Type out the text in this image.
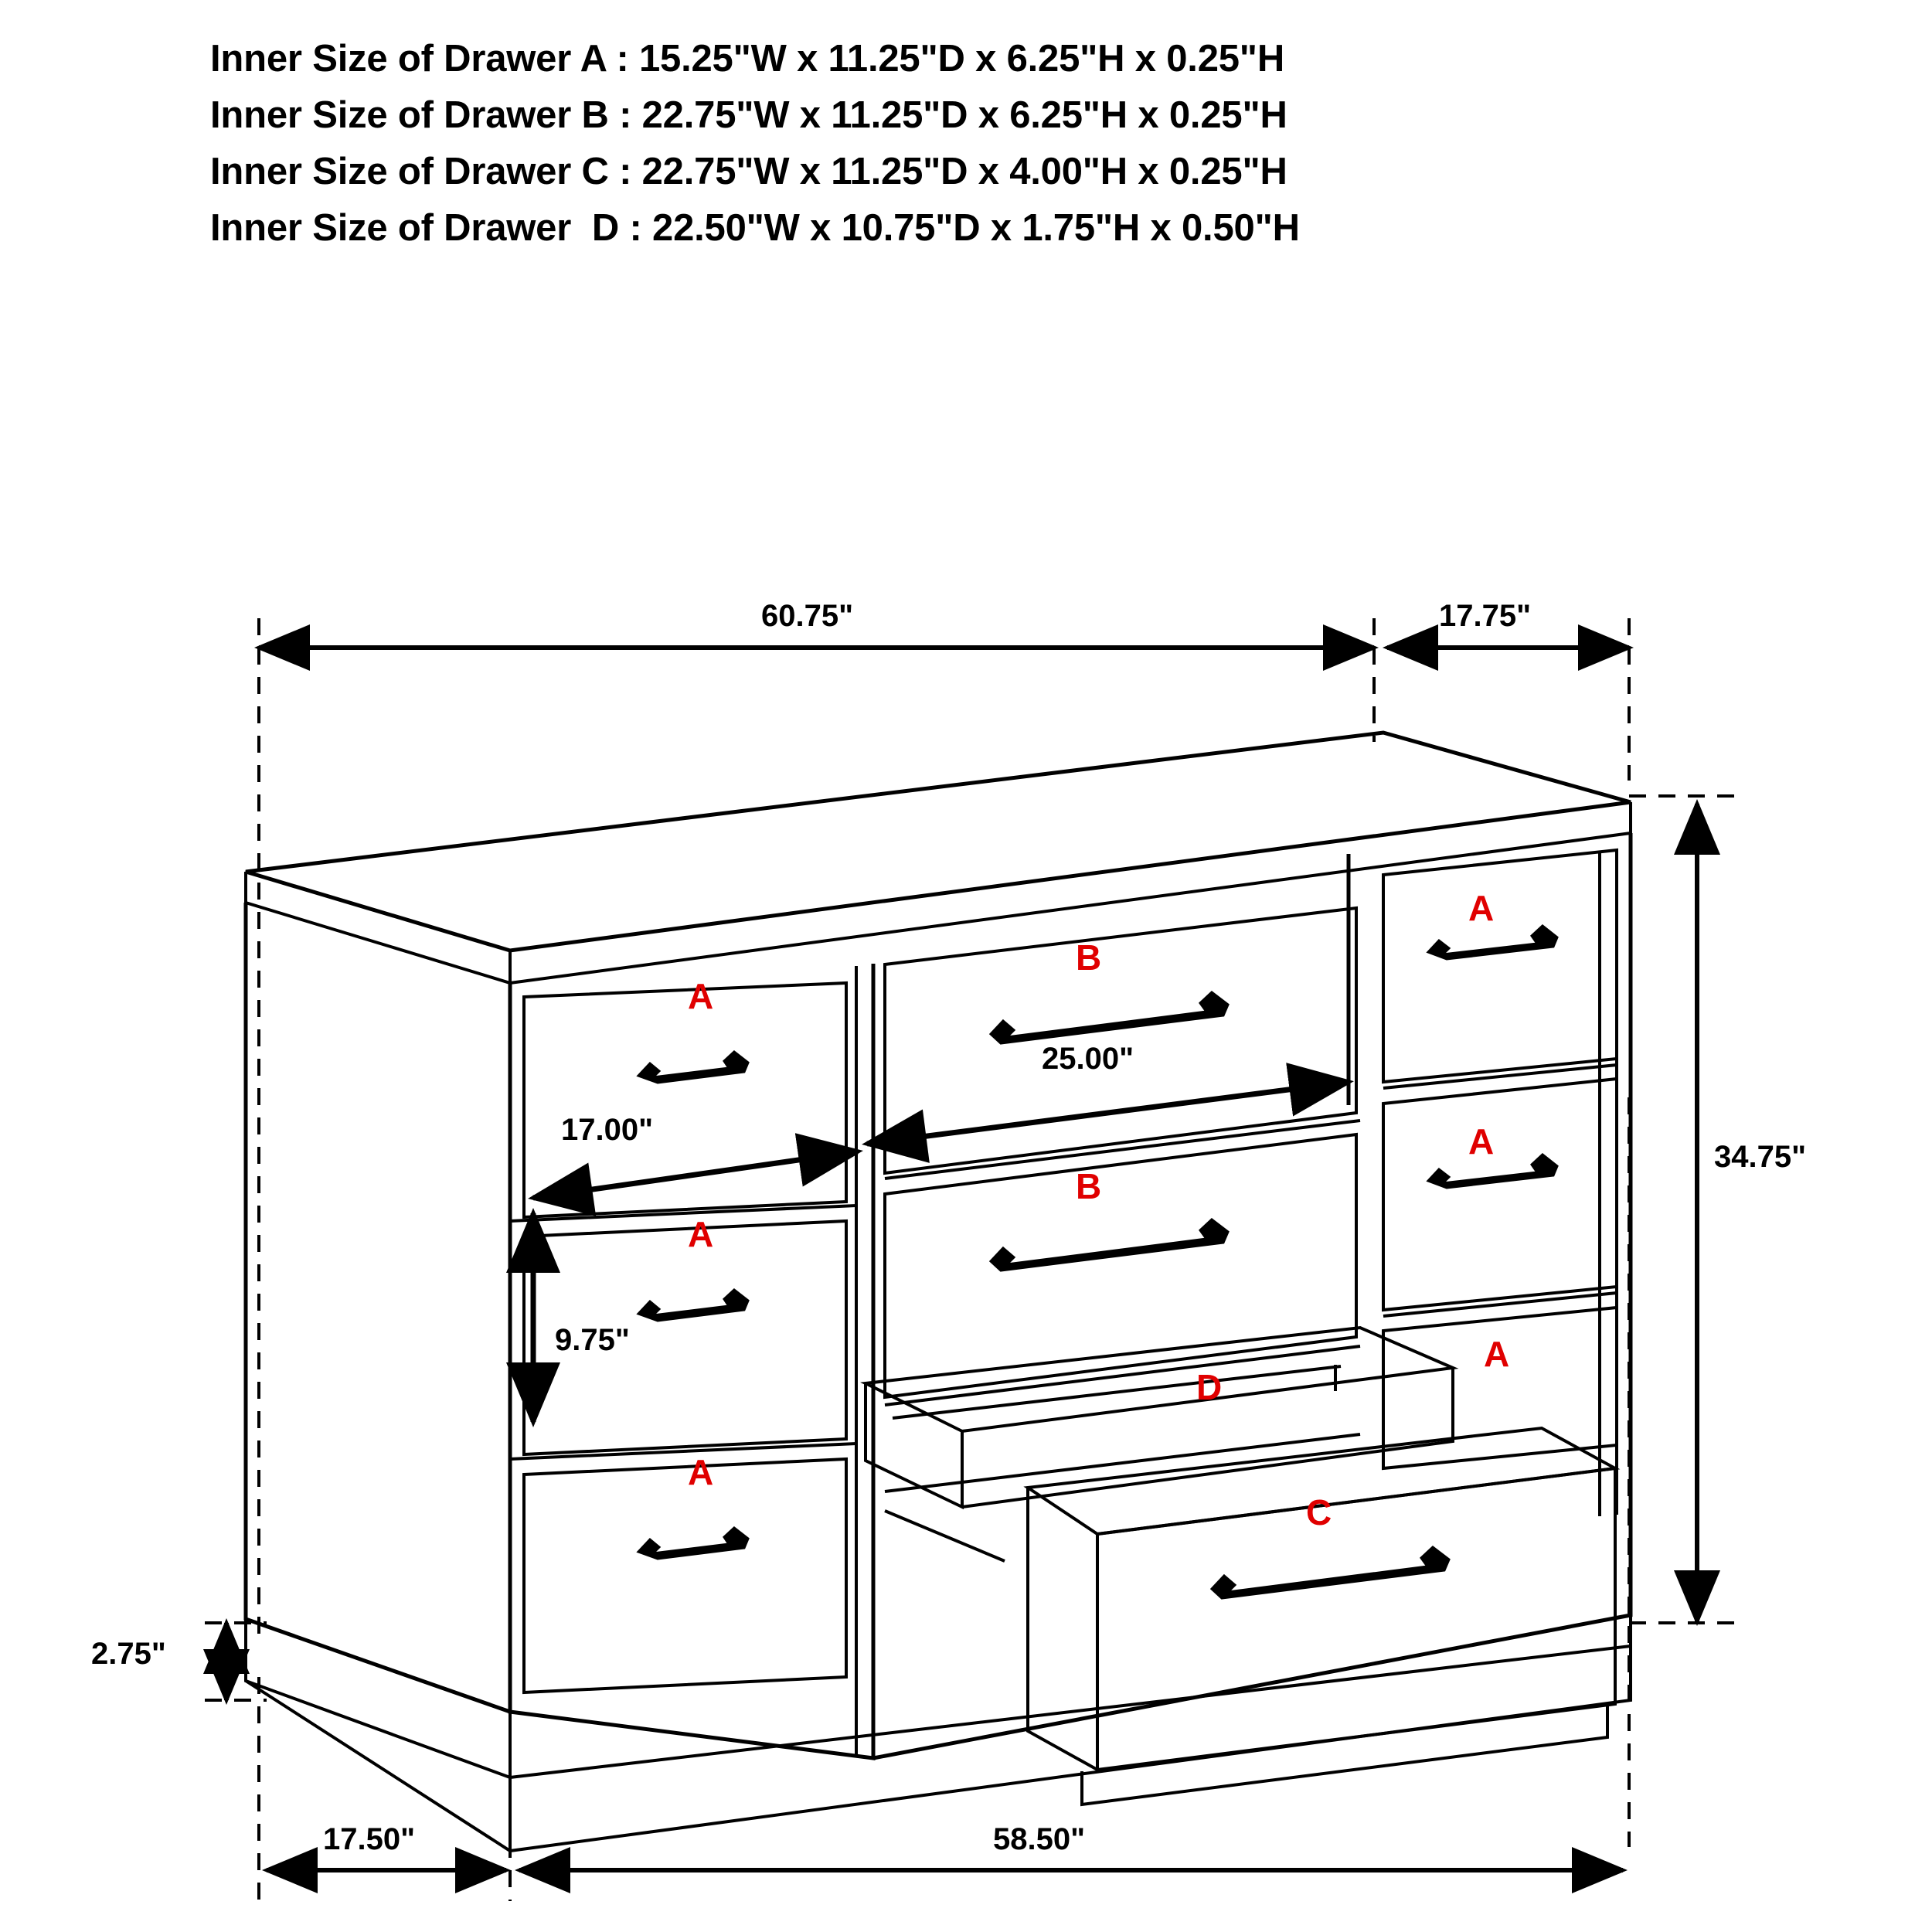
Inner Size of Drawer A : 15.25"W x 11.25"D x 6.25"H x 0.25"H
Inner Size of Drawer B : 22.75"W x 11.25"D x 6.25"H x 0.25"H
Inner Size of Drawer C : 22.75"W x 11.25"D x 4.00"H x 0.25"H
Inner Size of Drawer  D : 22.50"W x 10.75"D x 1.75"H x 0.50"H
60.75"	17.75"
34.75"
17.00"
25.00"
9.75"
2.75"
17.50"	58.50"
A
B
A
A
B
A
A
D
A
C
